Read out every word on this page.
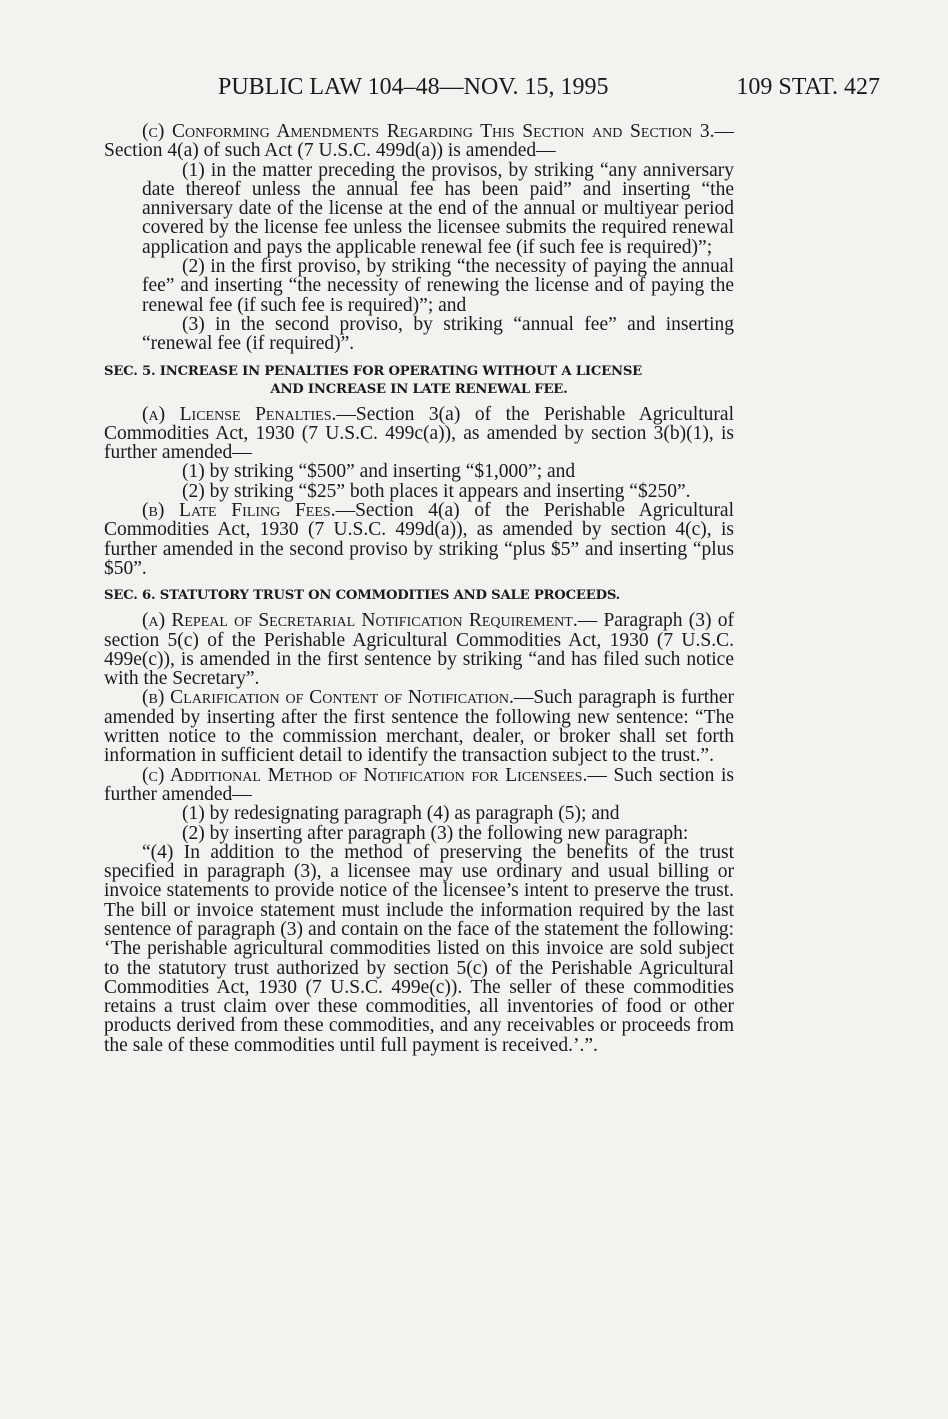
PUBLIC LAW 104–48—NOV. 15, 1995	109 STAT. 427

(c) Conforming Amendments Regarding This Section and Section 3.—Section 4(a) of such Act (7 U.S.C. 499d(a)) is amended—

(1) in the matter preceding the provisos, by striking “any anniversary date thereof unless the annual fee has been paid” and inserting “the anniversary date of the license at the end of the annual or multiyear period covered by the license fee unless the licensee submits the required renewal application and pays the applicable renewal fee (if such fee is required)”;

(2) in the first proviso, by striking “the necessity of paying the annual fee” and inserting “the necessity of renewing the license and of paying the renewal fee (if such fee is required)”; and

(3) in the second proviso, by striking “annual fee” and inserting “renewal fee (if required)”.

SEC. 5. INCREASE IN PENALTIES FOR OPERATING WITHOUT A LICENSE
AND INCREASE IN LATE RENEWAL FEE.

(a) License Penalties.—Section 3(a) of the Perishable Agricultural Commodities Act, 1930 (7 U.S.C. 499c(a)), as amended by section 3(b)(1), is further amended—

(1) by striking “$500” and inserting “$1,000”; and

(2) by striking “$25” both places it appears and inserting “$250”.

(b) Late Filing Fees.—Section 4(a) of the Perishable Agricultural Commodities Act, 1930 (7 U.S.C. 499d(a)), as amended by section 4(c), is further amended in the second proviso by striking “plus $5” and inserting “plus $50”.

SEC. 6. STATUTORY TRUST ON COMMODITIES AND SALE PROCEEDS.

(a) Repeal of Secretarial Notification Requirement.— Paragraph (3) of section 5(c) of the Perishable Agricultural Commodities Act, 1930 (7 U.S.C. 499e(c)), is amended in the first sentence by striking “and has filed such notice with the Secretary”.

(b) Clarification of Content of Notification.—Such paragraph is further amended by inserting after the first sentence the following new sentence: “The written notice to the commission merchant, dealer, or broker shall set forth information in sufficient detail to identify the transaction subject to the trust.”.

(c) Additional Method of Notification for Licensees.— Such section is further amended—

(1) by redesignating paragraph (4) as paragraph (5); and

(2) by inserting after paragraph (3) the following new paragraph:

“(4) In addition to the method of preserving the benefits of the trust specified in paragraph (3), a licensee may use ordinary and usual billing or invoice statements to provide notice of the licensee’s intent to preserve the trust. The bill or invoice statement must include the information required by the last sentence of paragraph (3) and contain on the face of the statement the following: ‘The perishable agricultural commodities listed on this invoice are sold subject to the statutory trust authorized by section 5(c) of the Perishable Agricultural Commodities Act, 1930 (7 U.S.C. 499e(c)). The seller of these commodities retains a trust claim over these commodities, all inventories of food or other products derived from these commodities, and any receivables or proceeds from the sale of these commodities until full payment is received.’.”.
